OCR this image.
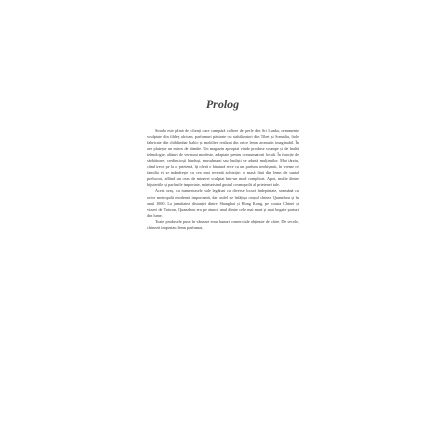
Prolog

Strada este plină de clienți care cumpără coliere de perle din Sri Lanka, ornamente sculptate din fildeș african, parfumuri păstrate cu stabilizatori din Tibet și Somalia, fiole fabricate din chihlimbar baltic și mobilier realizat din orice lemn aromatic imaginabil. În aer plutește un miros de tămâie. Un magazin apropiat vinde produse scumpe și de înaltă tehnologie, alături de versiuni modeste, adaptate pentru consumatorii locali. În funcție de sărbătoare, credincioșii hinduși, musulmani sau budiști se adună mulțimilor. Mai târziu, când trece pe la o prietenă, îți oferă o băutură rece cu un parfum neobișnuit, în vreme ce familia ei se mândrește cu cea mai recentă achiziție: o masă fină din lemn de santal prelucrat, aflând un ceas de mineret sculptat într-un mod complicat. Apoi, multe dintre bijuteriile și parfurile importate, mărturisind gustul cosmopolit al prietenei tale.

Acest oraș, cu numeroasele sale legături cu diverse locuri îndepărtate, seamănă cu orice metropolă modernă importantă, dar astfel se înfățișa orașul chinez Quanzhou și în anul 1000. La jumătatea distanței dintre Shanghai și Hong Kong, pe coasta Chinei și vizavi de Taiwan, Quanzhou era pe atunci unul dintre cele mai mari și mai bogate porturi din lume.

Toate produsele puse în vânzare erau bunuri comerciale obținute de către. De secole, chinezii importau lemn parfumat,
